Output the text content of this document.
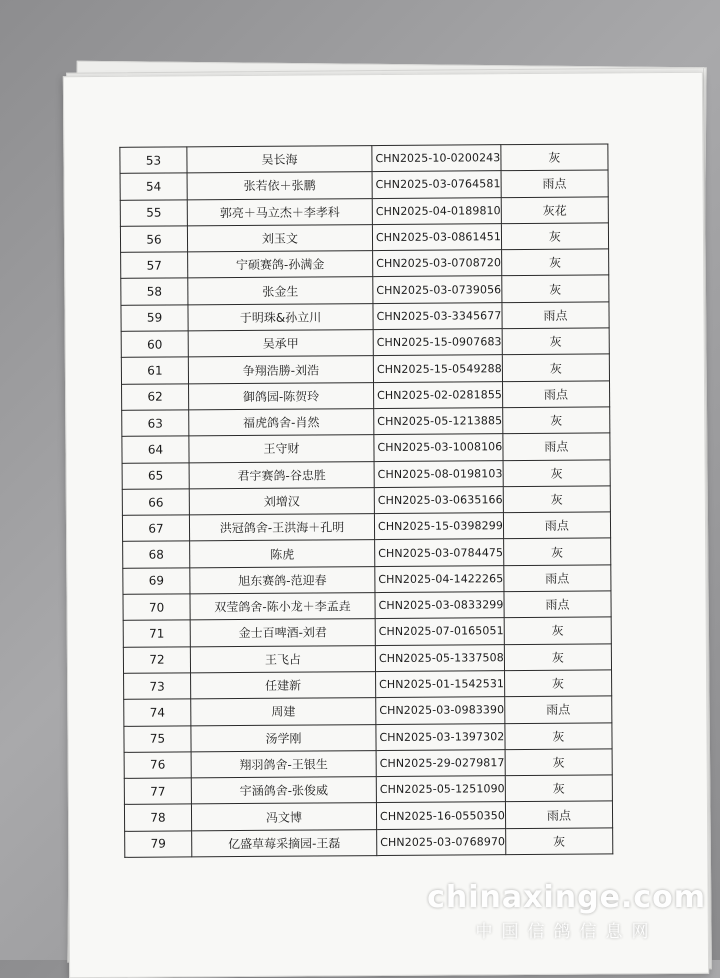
53	吴长海	CHN2025-10-0200243	灰
54	张若依＋张鹏	CHN2025-03-0764581	雨点
55	郭亮＋马立杰＋李孝科	CHN2025-04-0189810	灰花
56	刘玉文	CHN2025-03-0861451	灰
57	宁硕赛鸽-孙满金	CHN2025-03-0708720	灰
58	张金生	CHN2025-03-0739056	灰
59	于明珠&孙立川	CHN2025-03-3345677	雨点
60	吴承甲	CHN2025-15-0907683	灰
61	争翔浩勝-刘浩	CHN2025-15-0549288	灰
62	御鸽园-陈贺玲	CHN2025-02-0281855	雨点
63	福虎鸽舍-肖然	CHN2025-05-1213885	灰
64	王守财	CHN2025-03-1008106	雨点
65	君宇赛鸽-谷忠胜	CHN2025-08-0198103	灰
66	刘增汉	CHN2025-03-0635166	灰
67	洪冠鸽舍-王洪海＋孔明	CHN2025-15-0398299	雨点
68	陈虎	CHN2025-03-0784475	灰
69	旭东赛鸽-范迎春	CHN2025-04-1422265	雨点
70	双莹鸽舍-陈小龙＋李孟垚	CHN2025-03-0833299	雨点
71	金士百啤酒-刘君	CHN2025-07-0165051	灰
72	王飞占	CHN2025-05-1337508	灰
73	任建新	CHN2025-01-1542531	灰
74	周建	CHN2025-03-0983390	雨点
75	汤学刚	CHN2025-03-1397302	灰
76	翔羽鸽舍-王银生	CHN2025-29-0279817	灰
77	宇涵鸽舍-张俊威	CHN2025-05-1251090	灰
78	冯文博	CHN2025-16-0550350	雨点
79	亿盛草莓采摘园-王磊	CHN2025-03-0768970	灰
chinaxinge.com
中国信鸽信息网
